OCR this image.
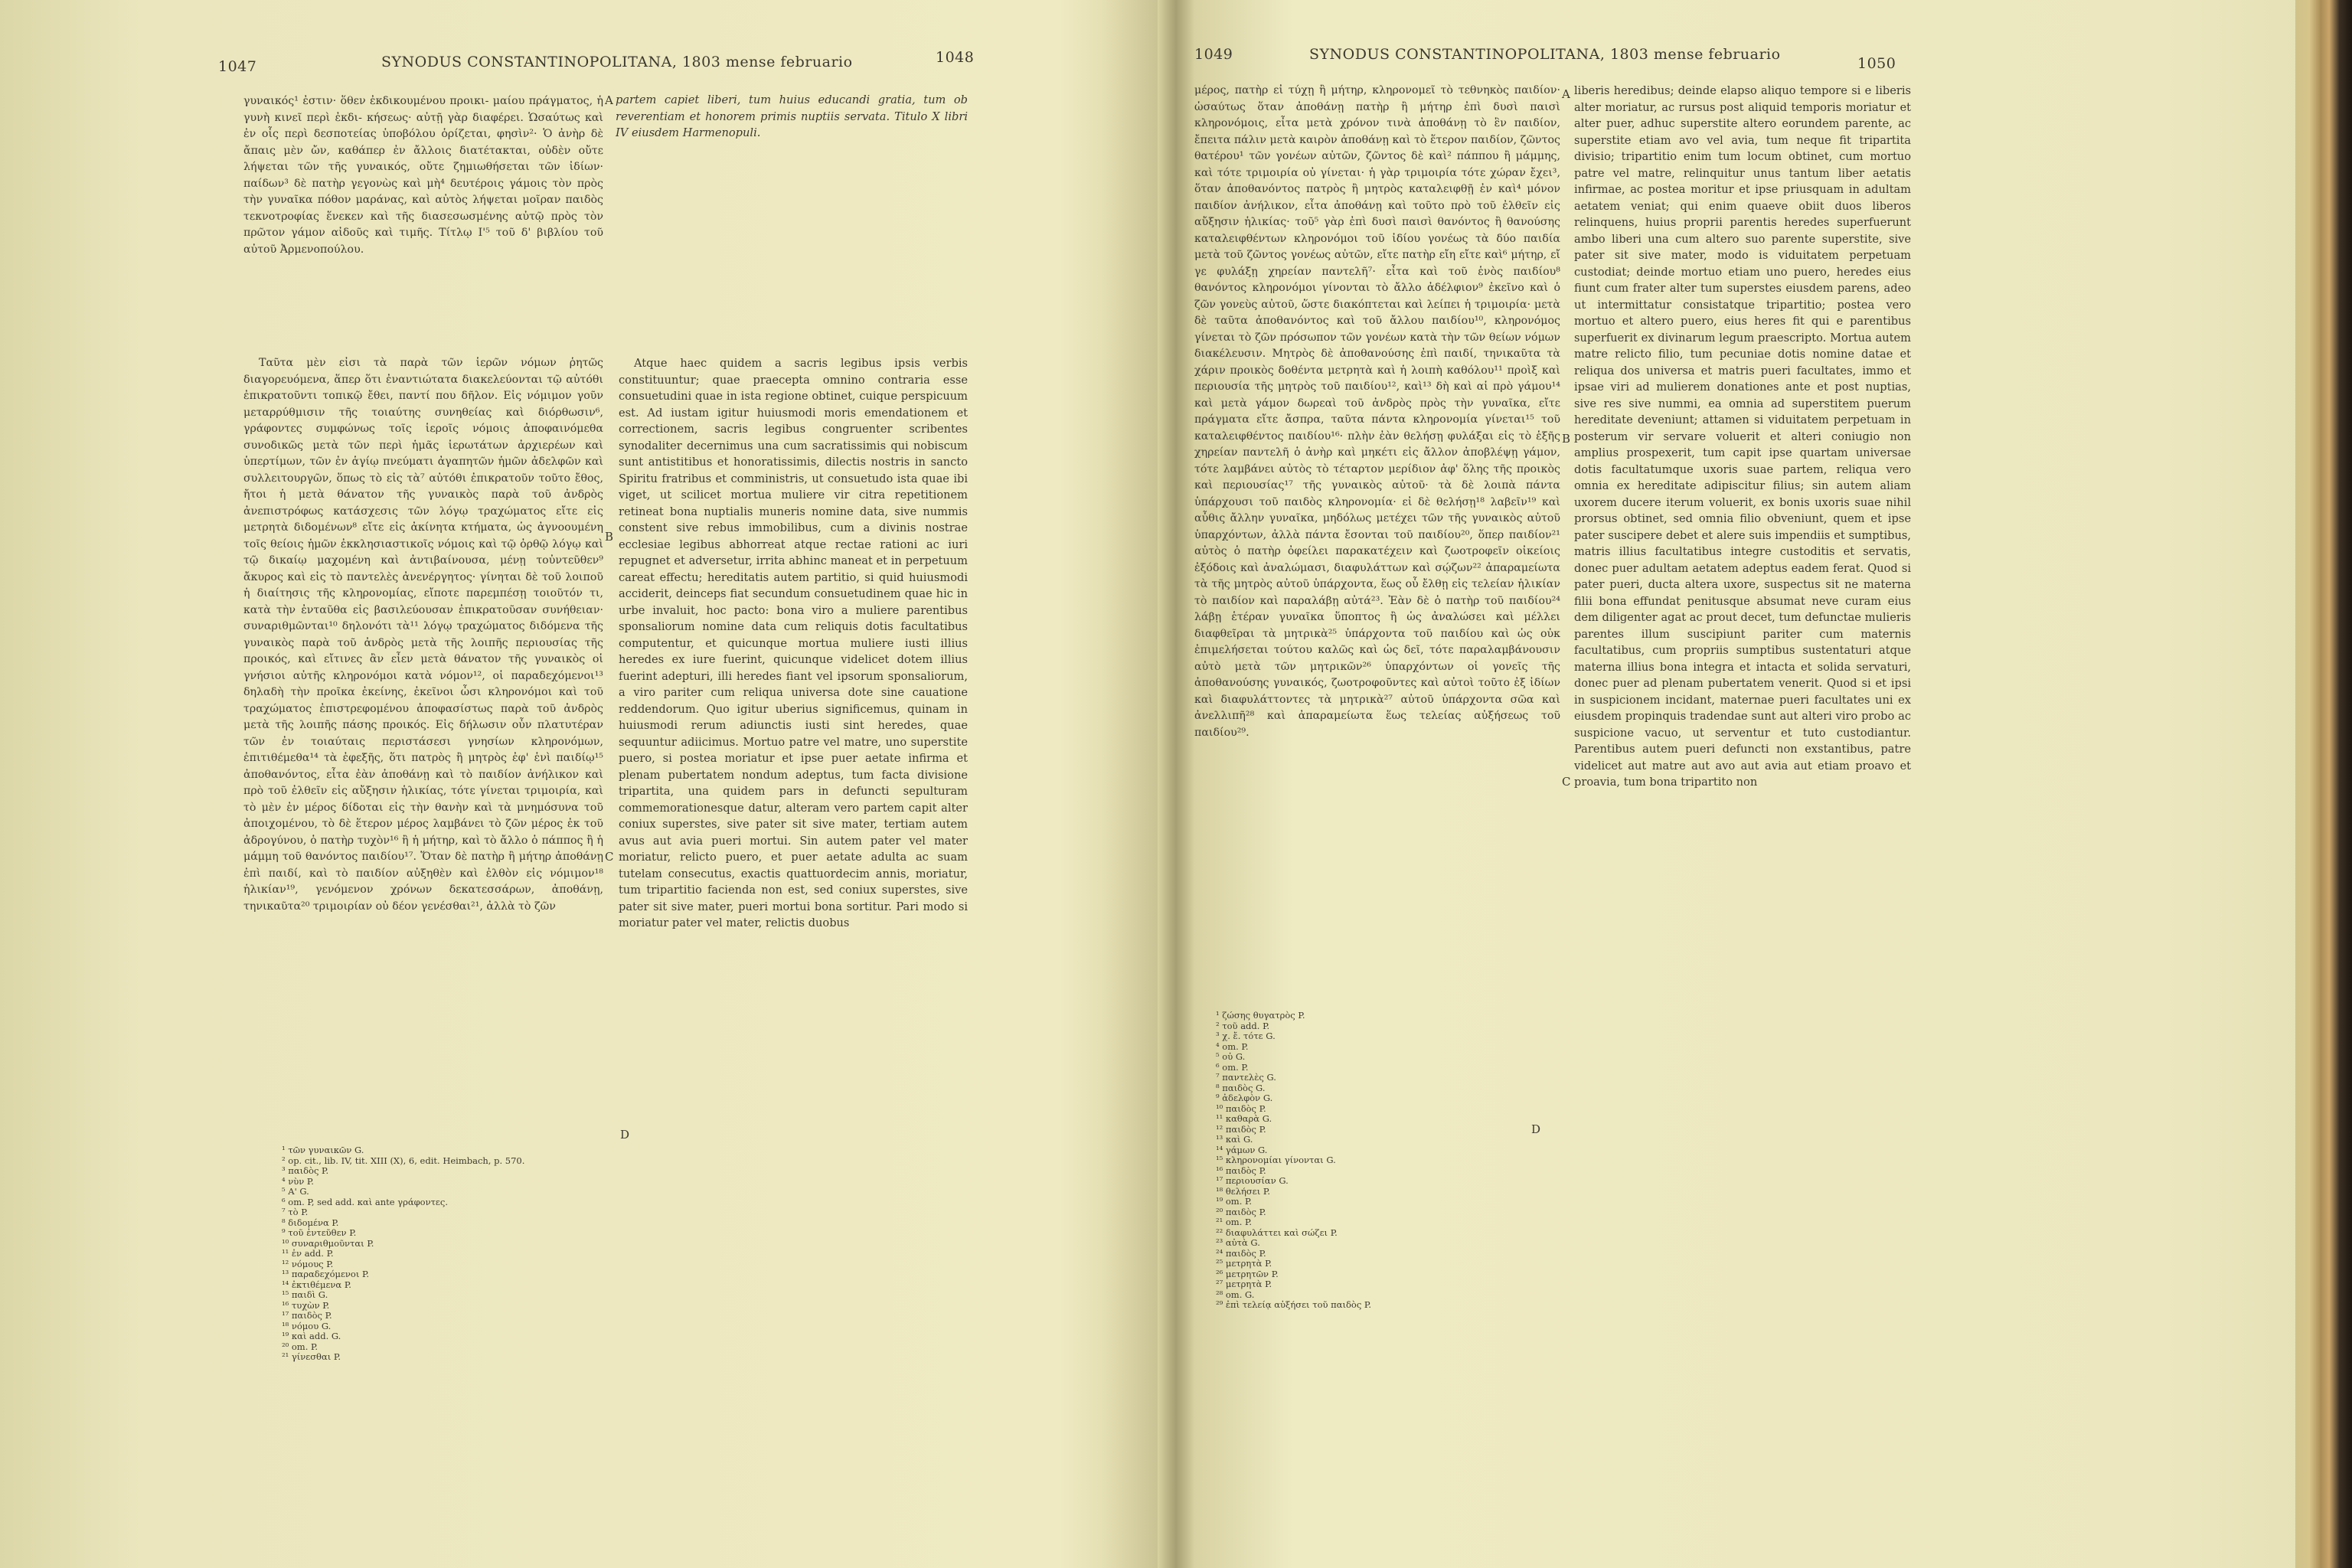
1047	SYNODUS CONSTANTINOPOLITANA, 1803 mense februario	1048

γυναικός¹ ἐστιν· ὅθεν ἐκδικουμένου προικι- μαίου πράγματος, ἡ γυνὴ κινεῖ περὶ ἐκδι- κήσεως· αὐτῇ γὰρ διαφέρει. Ὡσαύτως καὶ ἐν οἷς περὶ δεσποτείας ὑποβόλου ὁρίζεται, φησὶν²· Ὁ ἀνὴρ δὲ ἄπαις μὲν ὤν, καθάπερ ἐν ἄλλοις διατέτακται, οὐδὲν οὔτε λήψεται τῶν τῆς γυναικός, οὔτε ζημιωθήσεται τῶν ἰδίων· παίδων³ δὲ πατὴρ γεγονὼς καὶ μὴ⁴ δευτέροις γάμοις τὸν πρὸς τὴν γυναῖκα πόθον μαράνας, καὶ αὐτὸς λήψεται μοῖραν παιδὸς τεκνοτροφίας ἕνεκεν καὶ τῆς διασεσωσμένης αὐτῷ πρὸς τὸν πρῶτον γάμον αἰδοῦς καὶ τιμῆς. Τίτλῳ Ι'⁵ τοῦ δ' βιβλίου τοῦ αὐτοῦ Ἀρμενοπούλου.

A partem capiet liberi, tum huius educandi gratia, tum ob reverentiam et honorem primis nuptiis servata. Titulo X libri IV eiusdem Harmenopuli.

Ταῦτα μὲν εἰσι τὰ παρὰ τῶν ἱερῶν νόμων ῥητῶς διαγορευόμενα, ἅπερ ὅτι ἐναντιώτατα διακελεύονται τῷ αὐτόθι ἐπικρατοῦντι τοπικῷ ἔθει, παντί που δῆλον. Εἰς νόμιμον γοῦν μεταρρύθμισιν τῆς τοιαύτης συνηθείας καὶ διόρθωσιν⁶, γράφοντες συμφώνως τοῖς ἱεροῖς νόμοις ἀποφαινόμεθα συνοδικῶς μετὰ τῶν περὶ ἡμᾶς ἱερωτάτων ἀρχιερέων καὶ ὑπερτίμων, τῶν ἐν ἁγίῳ πνεύματι ἀγαπητῶν ἡμῶν ἀδελφῶν καὶ συλλειτουργῶν, ὅπως τὸ εἰς τὰ⁷ αὐτόθι ἐπικρατοῦν τοῦτο ἔθος, ἤτοι ἡ μετὰ θάνατον τῆς γυναικὸς παρὰ τοῦ ἀνδρὸς ἀνεπιστρόφως κατάσχεσις τῶν λόγῳ τραχώματος εἴτε εἰς μετρητὰ διδομένων⁸ εἴτε εἰς ἀκίνητα κτήματα, ὡς ἀγνοουμένη τοῖς θείοις ἡμῶν ἐκκλησιαστικοῖς νόμοις καὶ τῷ ὀρθῷ λόγῳ καὶ τῷ δικαίῳ μαχομένη καὶ ἀντιβαίνουσα, μένῃ τοὐντεῦθεν⁹ ἄκυρος καὶ εἰς τὸ παντελὲς ἀνενέργητος· γίνηται δὲ τοῦ λοιποῦ ἡ διαίτησις τῆς κληρονομίας, εἴποτε παρεμπέσῃ τοιοῦτόν τι, κατὰ τὴν ἐνταῦθα εἰς βασιλεύουσαν ἐπικρατοῦσαν συνήθειαν· συναριθμῶνται¹⁰ δηλονότι τὰ¹¹ λόγῳ τραχώματος διδόμενα τῆς γυναικὸς παρὰ τοῦ ἀνδρὸς μετὰ τῆς λοιπῆς περιουσίας τῆς προικός, καὶ εἴτινες ἂν εἶεν μετὰ θάνατον τῆς γυναικὸς οἱ γνήσιοι αὐτῆς κληρονόμοι κατὰ νόμον¹², οἱ παραδεχόμενοι¹³ δηλαδὴ τὴν προῖκα ἐκείνης, ἐκεῖνοι ὦσι κληρονόμοι καὶ τοῦ τραχώματος ἐπιστρεφομένου ἀποφασίστως παρὰ τοῦ ἀνδρὸς μετὰ τῆς λοιπῆς πάσης προικός. Εἰς δήλωσιν οὖν πλατυτέραν τῶν ἐν τοιαύταις περιστάσεσι γνησίων κληρονόμων, ἐπιτιθέμεθα¹⁴ τὰ ἐφεξῆς, ὅτι πατρὸς ἢ μητρὸς ἐφ' ἑνὶ παιδίῳ¹⁵ ἀποθανόντος, εἶτα ἐὰν ἀποθάνῃ καὶ τὸ παιδίον ἀνήλικον καὶ πρὸ τοῦ ἐλθεῖν εἰς αὔξησιν ἡλικίας, τότε γίνεται τριμοιρία, καὶ τὸ μὲν ἐν μέρος δίδοται εἰς τὴν θανὴν καὶ τὰ μνημόσυνα τοῦ ἀποιχομένου, τὸ δὲ ἕτερον μέρος λαμβάνει τὸ ζῶν μέρος ἐκ τοῦ ἀδρογύνου, ὁ πατὴρ τυχὸν¹⁶ ἢ ἡ μήτηρ, καὶ τὸ ἄλλο ὁ πάππος ἢ ἡ μάμμη τοῦ θανόντος παιδίου¹⁷. Ὅταν δὲ πατὴρ ἢ μήτηρ ἀποθάνῃ ἐπὶ παιδί, καὶ τὸ παιδίον αὐξηθὲν καὶ ἐλθὸν εἰς νόμιμον¹⁸ ἡλικίαν¹⁹, γενόμενον χρόνων δεκατεσσάρων, ἀποθάνῃ, τηνικαῦτα²⁰ τριμοιρίαν οὐ δέον γενέσθαι²¹, ἀλλὰ τὸ ζῶν

B
C

Atque haec quidem a sacris legibus ipsis verbis constituuntur; quae praecepta omnino contraria esse consuetudini quae in ista regione obtinet, cuique perspicuum est. Ad iustam igitur huiusmodi moris emendationem et correctionem, sacris legibus congruenter scribentes synodaliter decernimus una cum sacratissimis qui nobiscum sunt antistitibus et honoratissimis, dilectis nostris in sancto Spiritu fratribus et comministris, ut consuetudo ista quae ibi viget, ut scilicet mortua muliere vir citra repetitionem retineat bona nuptialis muneris nomine data, sive nummis constent sive rebus immobilibus, cum a divinis nostrae ecclesiae legibus abhorreat atque rectae rationi ac iuri repugnet et adversetur, irrita abhinc maneat et in perpetuum careat effectu; hereditatis autem partitio, si quid huiusmodi acciderit, deinceps fiat secundum consuetudinem quae hic in urbe invaluit, hoc pacto: bona viro a muliere parentibus sponsaliorum nomine data cum reliquis dotis facultatibus computentur, et quicunque mortua muliere iusti illius heredes ex iure fuerint, quicunque videlicet dotem illius fuerint adepturi, illi heredes fiant vel ipsorum sponsaliorum, a viro pariter cum reliqua universa dote sine cauatione reddendorum. Quo igitur uberius significemus, quinam in huiusmodi rerum adiunctis iusti sint heredes, quae sequuntur adiicimus. Mortuo patre vel matre, uno superstite puero, si postea moriatur et ipse puer aetate infirma et plenam pubertatem nondum adeptus, tum facta divisione tripartita, una quidem pars in defuncti sepulturam commemorationesque datur, alteram vero partem capit alter coniux superstes, sive pater sit sive mater, tertiam autem avus aut avia pueri mortui. Sin autem pater vel mater moriatur, relicto puero, et puer aetate adulta ac suam tutelam consecutus, exactis quattuordecim annis, moriatur, tum tripartitio facienda non est, sed coniux superstes, sive pater sit sive mater, pueri mortui bona sortitur. Pari modo si moriatur pater vel mater, relictis duobus

D
¹ τῶν γυναικῶν G.
² op. cit., lib. IV, tit. XIII (X), 6, edit. Heimbach, p. 570.
³ παιδὸς P.
⁴ νὺν P.
⁵ Α' G.
⁶ om. P, sed add. καὶ ante γράφοντες.
⁷ τὸ P.
⁸ διδομένα P.
⁹ τοῦ ἐντεῦθεν P.
¹⁰ συναριθμοῦνται P.
¹¹ ἐν add. P.
¹² νόμους P.
¹³ παραδεχόμενοι P.
¹⁴ ἐκτιθέμενα P.
¹⁵ παιδὶ G.
¹⁶ τυχὼν P.
¹⁷ παιδὸς P.
¹⁸ νόμου G.
¹⁹ καὶ add. G.
²⁰ om. P.
²¹ γίνεσθαι P.
1049	SYNODUS CONSTANTINOPOLITANA, 1803 mense februario
1050

μέρος, πατὴρ εἰ τύχῃ ἢ μήτηρ, κληρονομεῖ τὸ τεθνηκὸς παιδίον· ὡσαύτως ὅταν ἀποθάνῃ πατὴρ ἢ μήτηρ ἐπὶ δυσὶ παισὶ κληρονόμοις, εἶτα μετὰ χρόνον τινὰ ἀποθάνῃ τὸ ἓν παιδίον, ἔπειτα πάλιν μετὰ καιρὸν ἀποθάνῃ καὶ τὸ ἕτερον παιδίον, ζῶντος θατέρου¹ τῶν γονέων αὐτῶν, ζῶντος δὲ καὶ² πάππου ἢ μάμμης, καὶ τότε τριμοιρία οὐ γίνεται· ἡ γὰρ τριμοιρία τότε χώραν ἔχει³, ὅταν ἀποθανόντος πατρὸς ἢ μητρὸς καταλειφθῇ ἐν καὶ⁴ μόνον παιδίον ἀνήλικον, εἶτα ἀποθάνῃ καὶ τοῦτο πρὸ τοῦ ἐλθεῖν εἰς αὔξησιν ἡλικίας· τοῦ⁵ γὰρ ἐπὶ δυσὶ παισὶ θανόντος ἢ θανούσης καταλειφθέντων κληρονόμοι τοῦ ἰδίου γονέως τὰ δύο παιδία μετὰ τοῦ ζῶντος γονέως αὐτῶν, εἴτε πατὴρ εἴη εἴτε καὶ⁶ μήτηρ, εἴ γε φυλάξῃ χηρείαν παντελῆ⁷· εἶτα καὶ τοῦ ἑνὸς παιδίου⁸ θανόντος κληρονόμοι γίνονται τὸ ἄλλο ἀδέλφιον⁹ ἐκεῖνο καὶ ὁ ζῶν γονεὺς αὐτοῦ, ὥστε διακόπτεται καὶ λείπει ἡ τριμοιρία· μετὰ δὲ ταῦτα ἀποθανόντος καὶ τοῦ ἄλλου παιδίου¹⁰, κληρονόμος γίνεται τὸ ζῶν πρόσωπον τῶν γονέων κατὰ τὴν τῶν θείων νόμων διακέλευσιν. Μητρὸς δὲ ἀποθανούσης ἐπὶ παιδί, τηνικαῦτα τὰ χάριν προικὸς δοθέντα μετρητὰ καὶ ἡ λοιπὴ καθόλου¹¹ προὶξ καὶ περιουσία τῆς μητρὸς τοῦ παιδίου¹², καὶ¹³ δὴ καὶ αἱ πρὸ γάμου¹⁴ καὶ μετὰ γάμον δωρεαὶ τοῦ ἀνδρὸς πρὸς τὴν γυναῖκα, εἴτε πράγματα εἴτε ἄσπρα, ταῦτα πάντα κληρονομία γίνεται¹⁵ τοῦ καταλειφθέντος παιδίου¹⁶· πλὴν ἐὰν θελήσῃ φυλάξαι εἰς τὸ ἑξῆς χηρείαν παντελῆ ὁ ἀνὴρ καὶ μηκέτι εἰς ἄλλον ἀποβλέψῃ γάμον, τότε λαμβάνει αὐτὸς τὸ τέταρτον μερίδιον ἀφ' ὅλης τῆς προικὸς καὶ περιουσίας¹⁷ τῆς γυναικὸς αὐτοῦ· τὰ δὲ λοιπὰ πάντα ὑπάρχουσι τοῦ παιδὸς κληρονομία· εἰ δὲ θελήσῃ¹⁸ λαβεῖν¹⁹ καὶ αὖθις ἄλλην γυναῖκα, μηδόλως μετέχει τῶν τῆς γυναικὸς αὐτοῦ ὑπαρχόντων, ἀλλὰ πάντα ἔσονται τοῦ παιδίου²⁰, ὅπερ παιδίον²¹ αὐτὸς ὁ πατὴρ ὀφείλει παρακατέχειν καὶ ζωοτροφεῖν οἰκείοις ἐξόδοις καὶ ἀναλώμασι, διαφυλάττων καὶ σῴζων²² ἀπαραμείωτα τὰ τῆς μητρὸς αὐτοῦ ὑπάρχοντα, ἕως οὗ ἔλθῃ εἰς τελείαν ἡλικίαν τὸ παιδίον καὶ παραλάβῃ αὐτά²³. Ἐὰν δὲ ὁ πατὴρ τοῦ παιδίου²⁴ λάβῃ ἑτέραν γυναῖκα ὕποπτος ἢ ὡς ἀναλώσει καὶ μέλλει διαφθεῖραι τὰ μητρικὰ²⁵ ὑπάρχοντα τοῦ παιδίου καὶ ὡς οὐκ ἐπιμελήσεται τούτου καλῶς καὶ ὡς δεῖ, τότε παραλαμβάνουσιν αὐτὸ μετὰ τῶν μητρικῶν²⁶ ὑπαρχόντων οἱ γονεῖς τῆς ἀποθανούσης γυναικός, ζωοτροφοῦντες καὶ αὐτοὶ τοῦτο ἐξ ἰδίων καὶ διαφυλάττοντες τὰ μητρικὰ²⁷ αὐτοῦ ὑπάρχοντα σῶα καὶ ἀνελλιπῆ²⁸ καὶ ἀπαραμείωτα ἕως τελείας αὐξήσεως τοῦ παιδίου²⁹.

A
B
C

liberis heredibus; deinde elapso aliquo tempore si e liberis alter moriatur, ac rursus post aliquid temporis moriatur et alter puer, adhuc superstite altero eorundem parente, ac superstite etiam avo vel avia, tum neque fit tripartita divisio; tripartitio enim tum locum obtinet, cum mortuo patre vel matre, relinquitur unus tantum liber aetatis infirmae, ac postea moritur et ipse priusquam in adultam aetatem veniat; qui enim quaeve obiit duos liberos relinquens, huius proprii parentis heredes superfuerunt ambo liberi una cum altero suo parente superstite, sive pater sit sive mater, modo is viduitatem perpetuam custodiat; deinde mortuo etiam uno puero, heredes eius fiunt cum frater alter tum superstes eiusdem parens, adeo ut intermittatur consistatque tripartitio; postea vero mortuo et altero puero, eius heres fit qui e parentibus superfuerit ex divinarum legum praescripto. Mortua autem matre relicto filio, tum pecuniae dotis nomine datae et reliqua dos universa et matris pueri facultates, immo et ipsae viri ad mulierem donationes ante et post nuptias, sive res sive nummi, ea omnia ad superstitem puerum hereditate deveniunt; attamen si viduitatem perpetuam in posterum vir servare voluerit et alteri coniugio non amplius prospexerit, tum capit ipse quartam universae dotis facultatumque uxoris suae partem, reliqua vero omnia ex hereditate adipiscitur filius; sin autem aliam uxorem ducere iterum voluerit, ex bonis uxoris suae nihil prorsus obtinet, sed omnia filio obveniunt, quem et ipse pater suscipere debet et alere suis impendiis et sumptibus, matris illius facultatibus integre custoditis et servatis, donec puer adultam aetatem adeptus eadem ferat. Quod si pater pueri, ducta altera uxore, suspectus sit ne materna filii bona effundat penitusque absumat neve curam eius dem diligenter agat ac prout decet, tum defunctae mulieris parentes illum suscipiunt pariter cum maternis facultatibus, cum propriis sumptibus sustentaturi atque materna illius bona integra et intacta et solida servaturi, donec puer ad plenam pubertatem venerit. Quod si et ipsi in suspicionem incidant, maternae pueri facultates uni ex eiusdem propinquis tradendae sunt aut alteri viro probo ac suspicione vacuo, ut serventur et tuto custodiantur. Parentibus autem pueri defuncti non exstantibus, patre videlicet aut matre aut avo aut avia aut etiam proavo et proavia, tum bona tripartito non

D
¹ ζώσης θυγατρὸς P.
² τοῦ add. P.
³ χ. ἔ. τότε G.
⁴ om. P.
⁵ οὐ G.
⁶ om. P.
⁷ παντελὲς G.
⁸ παιδὸς G.
⁹ ἀδελφὸν G.
¹⁰ παιδὸς P.
¹¹ καθαρὰ G.
¹² παιδὸς P.
¹³ καὶ G.
¹⁴ γάμων G.
¹⁵ κληρονομίαι γίνονται G.
¹⁶ παιδὸς P.
¹⁷ περιουσίαν G.
¹⁸ θελήσει P.
¹⁹ om. P.
²⁰ παιδὸς P.
²¹ om. P.
²² διαφυλάττει καὶ σώζει P.
²³ αὐτὰ G.
²⁴ παιδὸς P.
²⁵ μετρητὰ P.
²⁶ μετρητῶν P.
²⁷ μετρητὰ P.
²⁸ om. G.
²⁹ ἐπὶ τελείᾳ αὐξήσει τοῦ παιδὸς P.
